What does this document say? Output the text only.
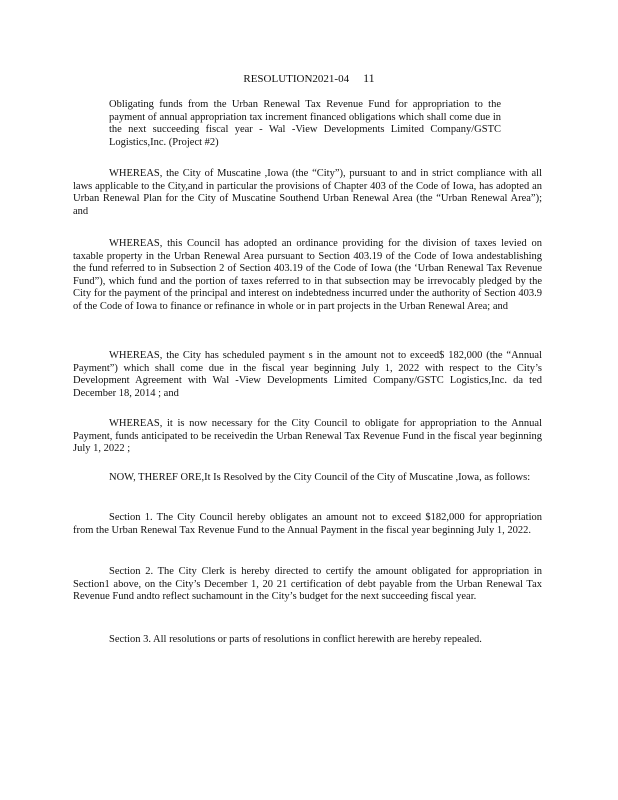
RESOLUTION2021-04 11
Obligating funds from the Urban Renewal Tax Revenue Fund for appropriation to the payment of annual appropriation tax increment financed obligations which shall come due in the next succeeding fiscal year - Wal -View Developments Limited Company/GSTC Logistics,Inc. (Project #2)
WHEREAS, the City of Muscatine ,Iowa (the “City”), pursuant to and in strict compliance with all laws applicable to the City,and in particular the provisions of Chapter 403 of the Code of Iowa, has adopted an Urban Renewal Plan for the City of Muscatine Southend Urban Renewal Area (the “Urban Renewal Area”); and
WHEREAS, this Council has adopted an ordinance providing for the division of taxes levied on taxable property in the Urban Renewal Area pursuant to Section 403.19 of the Code of Iowa andestablishing the fund referred to in Subsection 2 of Section 403.19 of the Code of Iowa (the ‘Urban Renewal Tax Revenue Fund”), which fund and the portion of taxes referred to in that subsection may be irrevocably pledged by the City for the payment of the principal and interest on indebtedness incurred under the authority of Section 403.9 of the Code of Iowa to finance or refinance in whole or in part projects in the Urban Renewal Area; and
WHEREAS, the City has scheduled payment s in the amount not to exceed$ 182,000 (the “Annual Payment”) which shall come due in the fiscal year beginning July 1, 2022 with respect to the City’s Development Agreement with Wal -View Developments Limited Company/GSTC Logistics,Inc. da ted December 18, 2014 ; and
WHEREAS, it is now necessary for the City Council to obligate for appropriation to the Annual Payment, funds anticipated to be receivedin the Urban Renewal Tax Revenue Fund in the fiscal year beginning July 1, 2022 ;
NOW, THEREF ORE,It Is Resolved by the City Council of the City of Muscatine ,Iowa, as follows:
Section 1. The City Council hereby obligates an amount not to exceed $182,000 for appropriation from the Urban Renewal Tax Revenue Fund to the Annual Payment in the fiscal year beginning July 1, 2022.
Section 2. The City Clerk is hereby directed to certify the amount obligated for appropriation in Section1 above, on the City’s December 1, 20 21 certification of debt payable from the Urban Renewal Tax Revenue Fund andto reflect suchamount in the City’s budget for the next succeeding fiscal year.
Section 3. All resolutions or parts of resolutions in conflict herewith are hereby repealed.
